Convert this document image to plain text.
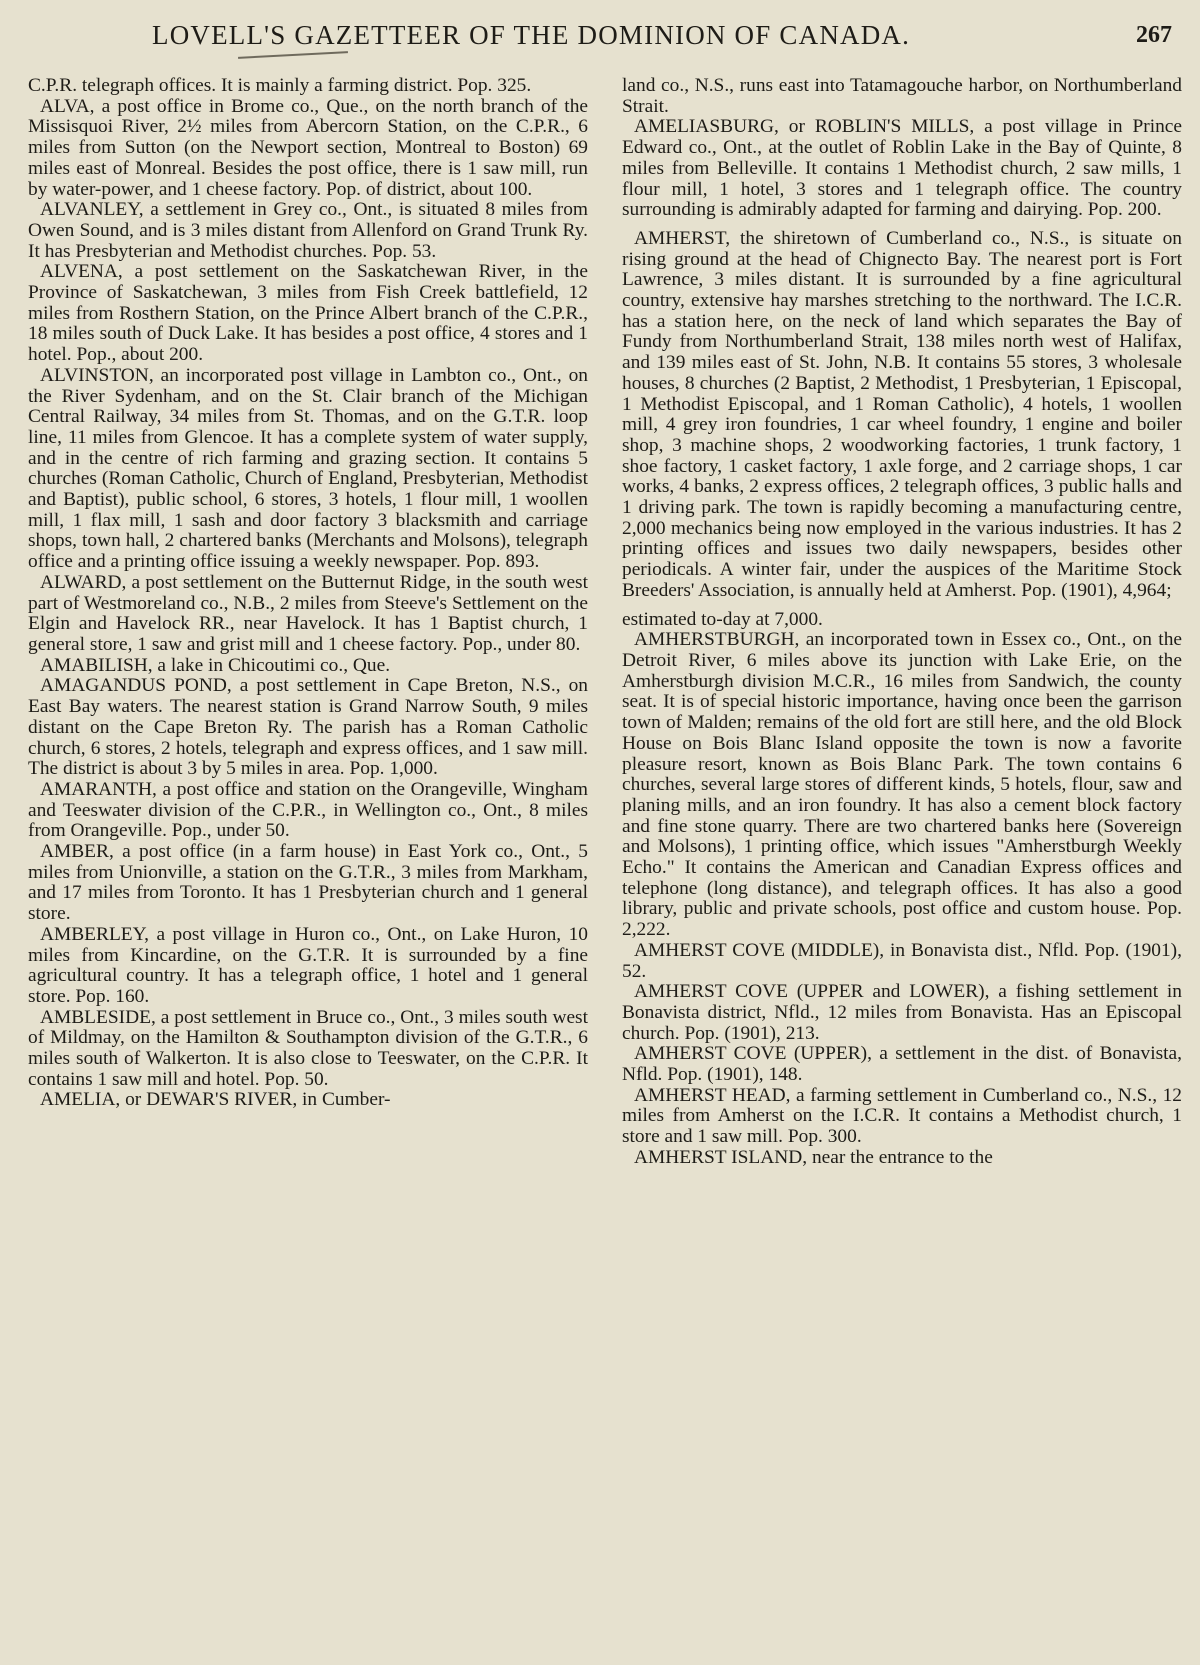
LOVELL'S GAZETTEER OF THE DOMINION OF CANADA.	267

C.P.R. telegraph offices. It is mainly a farming district. Pop. 325.

ALVA, a post office in Brome co., Que., on the north branch of the Missisquoi River, 2½ miles from Abercorn Station, on the C.P.R., 6 miles from Sutton (on the Newport section, Montreal to Boston) 69 miles east of Monreal. Besides the post office, there is 1 saw mill, run by water-power, and 1 cheese factory. Pop. of district, about 100.

ALVANLEY, a settlement in Grey co., Ont., is situated 8 miles from Owen Sound, and is 3 miles distant from Allenford on Grand Trunk Ry. It has Presbyterian and Methodist churches. Pop. 53.

ALVENA, a post settlement on the Saskatchewan River, in the Province of Saskatchewan, 3 miles from Fish Creek battlefield, 12 miles from Rosthern Station, on the Prince Albert branch of the C.P.R., 18 miles south of Duck Lake. It has besides a post office, 4 stores and 1 hotel. Pop., about 200.

ALVINSTON, an incorporated post village in Lambton co., Ont., on the River Sydenham, and on the St. Clair branch of the Michigan Central Railway, 34 miles from St. Thomas, and on the G.T.R. loop line, 11 miles from Glencoe. It has a complete system of water supply, and in the centre of rich farming and grazing section. It contains 5 churches (Roman Catholic, Church of England, Presbyterian, Methodist and Baptist), public school, 6 stores, 3 hotels, 1 flour mill, 1 woollen mill, 1 flax mill, 1 sash and door factory 3 blacksmith and carriage shops, town hall, 2 chartered banks (Merchants and Molsons), telegraph office and a printing office issuing a weekly newspaper. Pop. 893.

ALWARD, a post settlement on the Butternut Ridge, in the south west part of Westmoreland co., N.B., 2 miles from Steeve's Settlement on the Elgin and Havelock RR., near Havelock. It has 1 Baptist church, 1 general store, 1 saw and grist mill and 1 cheese factory. Pop., under 80.

AMABILISH, a lake in Chicoutimi co., Que.

AMAGANDUS POND, a post settlement in Cape Breton, N.S., on East Bay waters. The nearest station is Grand Narrow South, 9 miles distant on the Cape Breton Ry. The parish has a Roman Catholic church, 6 stores, 2 hotels, telegraph and express offices, and 1 saw mill. The district is about 3 by 5 miles in area. Pop. 1,000.

AMARANTH, a post office and station on the Orangeville, Wingham and Teeswater division of the C.P.R., in Wellington co., Ont., 8 miles from Orangeville. Pop., under 50.

AMBER, a post office (in a farm house) in East York co., Ont., 5 miles from Unionville, a station on the G.T.R., 3 miles from Markham, and 17 miles from Toronto. It has 1 Presbyterian church and 1 general store.

AMBERLEY, a post village in Huron co., Ont., on Lake Huron, 10 miles from Kincardine, on the G.T.R. It is surrounded by a fine agricultural country. It has a telegraph office, 1 hotel and 1 general store. Pop. 160.

AMBLESIDE, a post settlement in Bruce co., Ont., 3 miles south west of Mildmay, on the Hamilton & Southampton division of the G.T.R., 6 miles south of Walkerton. It is also close to Teeswater, on the C.P.R. It contains 1 saw mill and hotel. Pop. 50.

AMELIA, or DEWAR'S RIVER, in Cumber-

land co., N.S., runs east into Tatamagouche harbor, on Northumberland Strait.

AMELIASBURG, or ROBLIN'S MILLS, a post village in Prince Edward co., Ont., at the outlet of Roblin Lake in the Bay of Quinte, 8 miles from Belleville. It contains 1 Methodist church, 2 saw mills, 1 flour mill, 1 hotel, 3 stores and 1 telegraph office. The country surrounding is admirably adapted for farming and dairying. Pop. 200.

AMHERST, the shiretown of Cumberland co., N.S., is situate on rising ground at the head of Chignecto Bay. The nearest port is Fort Lawrence, 3 miles distant. It is surrounded by a fine agricultural country, extensive hay marshes stretching to the northward. The I.C.R. has a station here, on the neck of land which separates the Bay of Fundy from Northumberland Strait, 138 miles north west of Halifax, and 139 miles east of St. John, N.B. It contains 55 stores, 3 wholesale houses, 8 churches (2 Baptist, 2 Methodist, 1 Presbyterian, 1 Episcopal, 1 Methodist Episcopal, and 1 Roman Catholic), 4 hotels, 1 woollen mill, 4 grey iron foundries, 1 car wheel foundry, 1 engine and boiler shop, 3 machine shops, 2 woodworking factories, 1 trunk factory, 1 shoe factory, 1 casket factory, 1 axle forge, and 2 carriage shops, 1 car works, 4 banks, 2 express offices, 2 telegraph offices, 3 public halls and 1 driving park. The town is rapidly becoming a manufacturing centre, 2,000 mechanics being now employed in the various industries. It has 2 printing offices and issues two daily newspapers, besides other periodicals. A winter fair, under the auspices of the Maritime Stock Breeders' Association, is annually held at Amherst. Pop. (1901), 4,964;

estimated to-day at 7,000.

AMHERSTBURGH, an incorporated town in Essex co., Ont., on the Detroit River, 6 miles above its junction with Lake Erie, on the Amherstburgh division M.C.R., 16 miles from Sandwich, the county seat. It is of special historic importance, having once been the garrison town of Malden; remains of the old fort are still here, and the old Block House on Bois Blanc Island opposite the town is now a favorite pleasure resort, known as Bois Blanc Park. The town contains 6 churches, several large stores of different kinds, 5 hotels, flour, saw and planing mills, and an iron foundry. It has also a cement block factory and fine stone quarry. There are two chartered banks here (Sovereign and Molsons), 1 printing office, which issues "Amherstburgh Weekly Echo." It contains the American and Canadian Express offices and telephone (long distance), and telegraph offices. It has also a good library, public and private schools, post office and custom house. Pop. 2,222.

AMHERST COVE (MIDDLE), in Bonavista dist., Nfld. Pop. (1901), 52.

AMHERST COVE (UPPER and LOWER), a fishing settlement in Bonavista district, Nfld., 12 miles from Bonavista. Has an Episcopal church. Pop. (1901), 213.

AMHERST COVE (UPPER), a settlement in the dist. of Bonavista, Nfld. Pop. (1901), 148.

AMHERST HEAD, a farming settlement in Cumberland co., N.S., 12 miles from Amherst on the I.C.R. It contains a Methodist church, 1 store and 1 saw mill. Pop. 300.

AMHERST ISLAND, near the entrance to the
